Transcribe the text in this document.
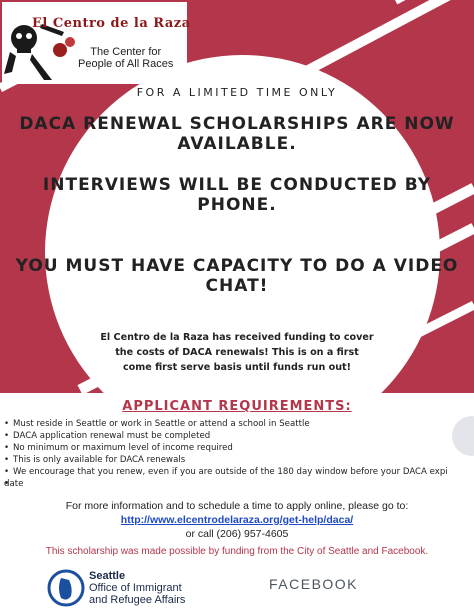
El Centro de la Raza
The Center for
People of All Races
FOR A LIMITED TIME ONLY
DACA RENEWAL SCHOLARSHIPS ARE NOW AVAILABLE.
INTERVIEWS WILL BE CONDUCTED BY PHONE.
YOU MUST HAVE CAPACITY TO DO A VIDEO CHAT!
El Centro de la Raza has received funding to cover the costs of DACA renewals! This is on a first come first serve basis until funds run out!
APPLICANT REQUIREMENTS:
• Must reside in Seattle or work in Seattle or attend a school in Seattle
• DACA application renewal must be completed
• No minimum or maximum level of income required
• This is only available for DACA renewals
• We encourage that you renew, even if you are outside of the 180 day window before your DACA expi
• date
For more information and to schedule a time to apply online, please go to:
http://www.elcentrodelaraza.org/get-help/daca/
or call (206) 957-4605
This scholarship was made possible by funding from the City of Seattle and Facebook.
Seattle
Office of Immigrant
and Refugee Affairs
FACEBOOK
